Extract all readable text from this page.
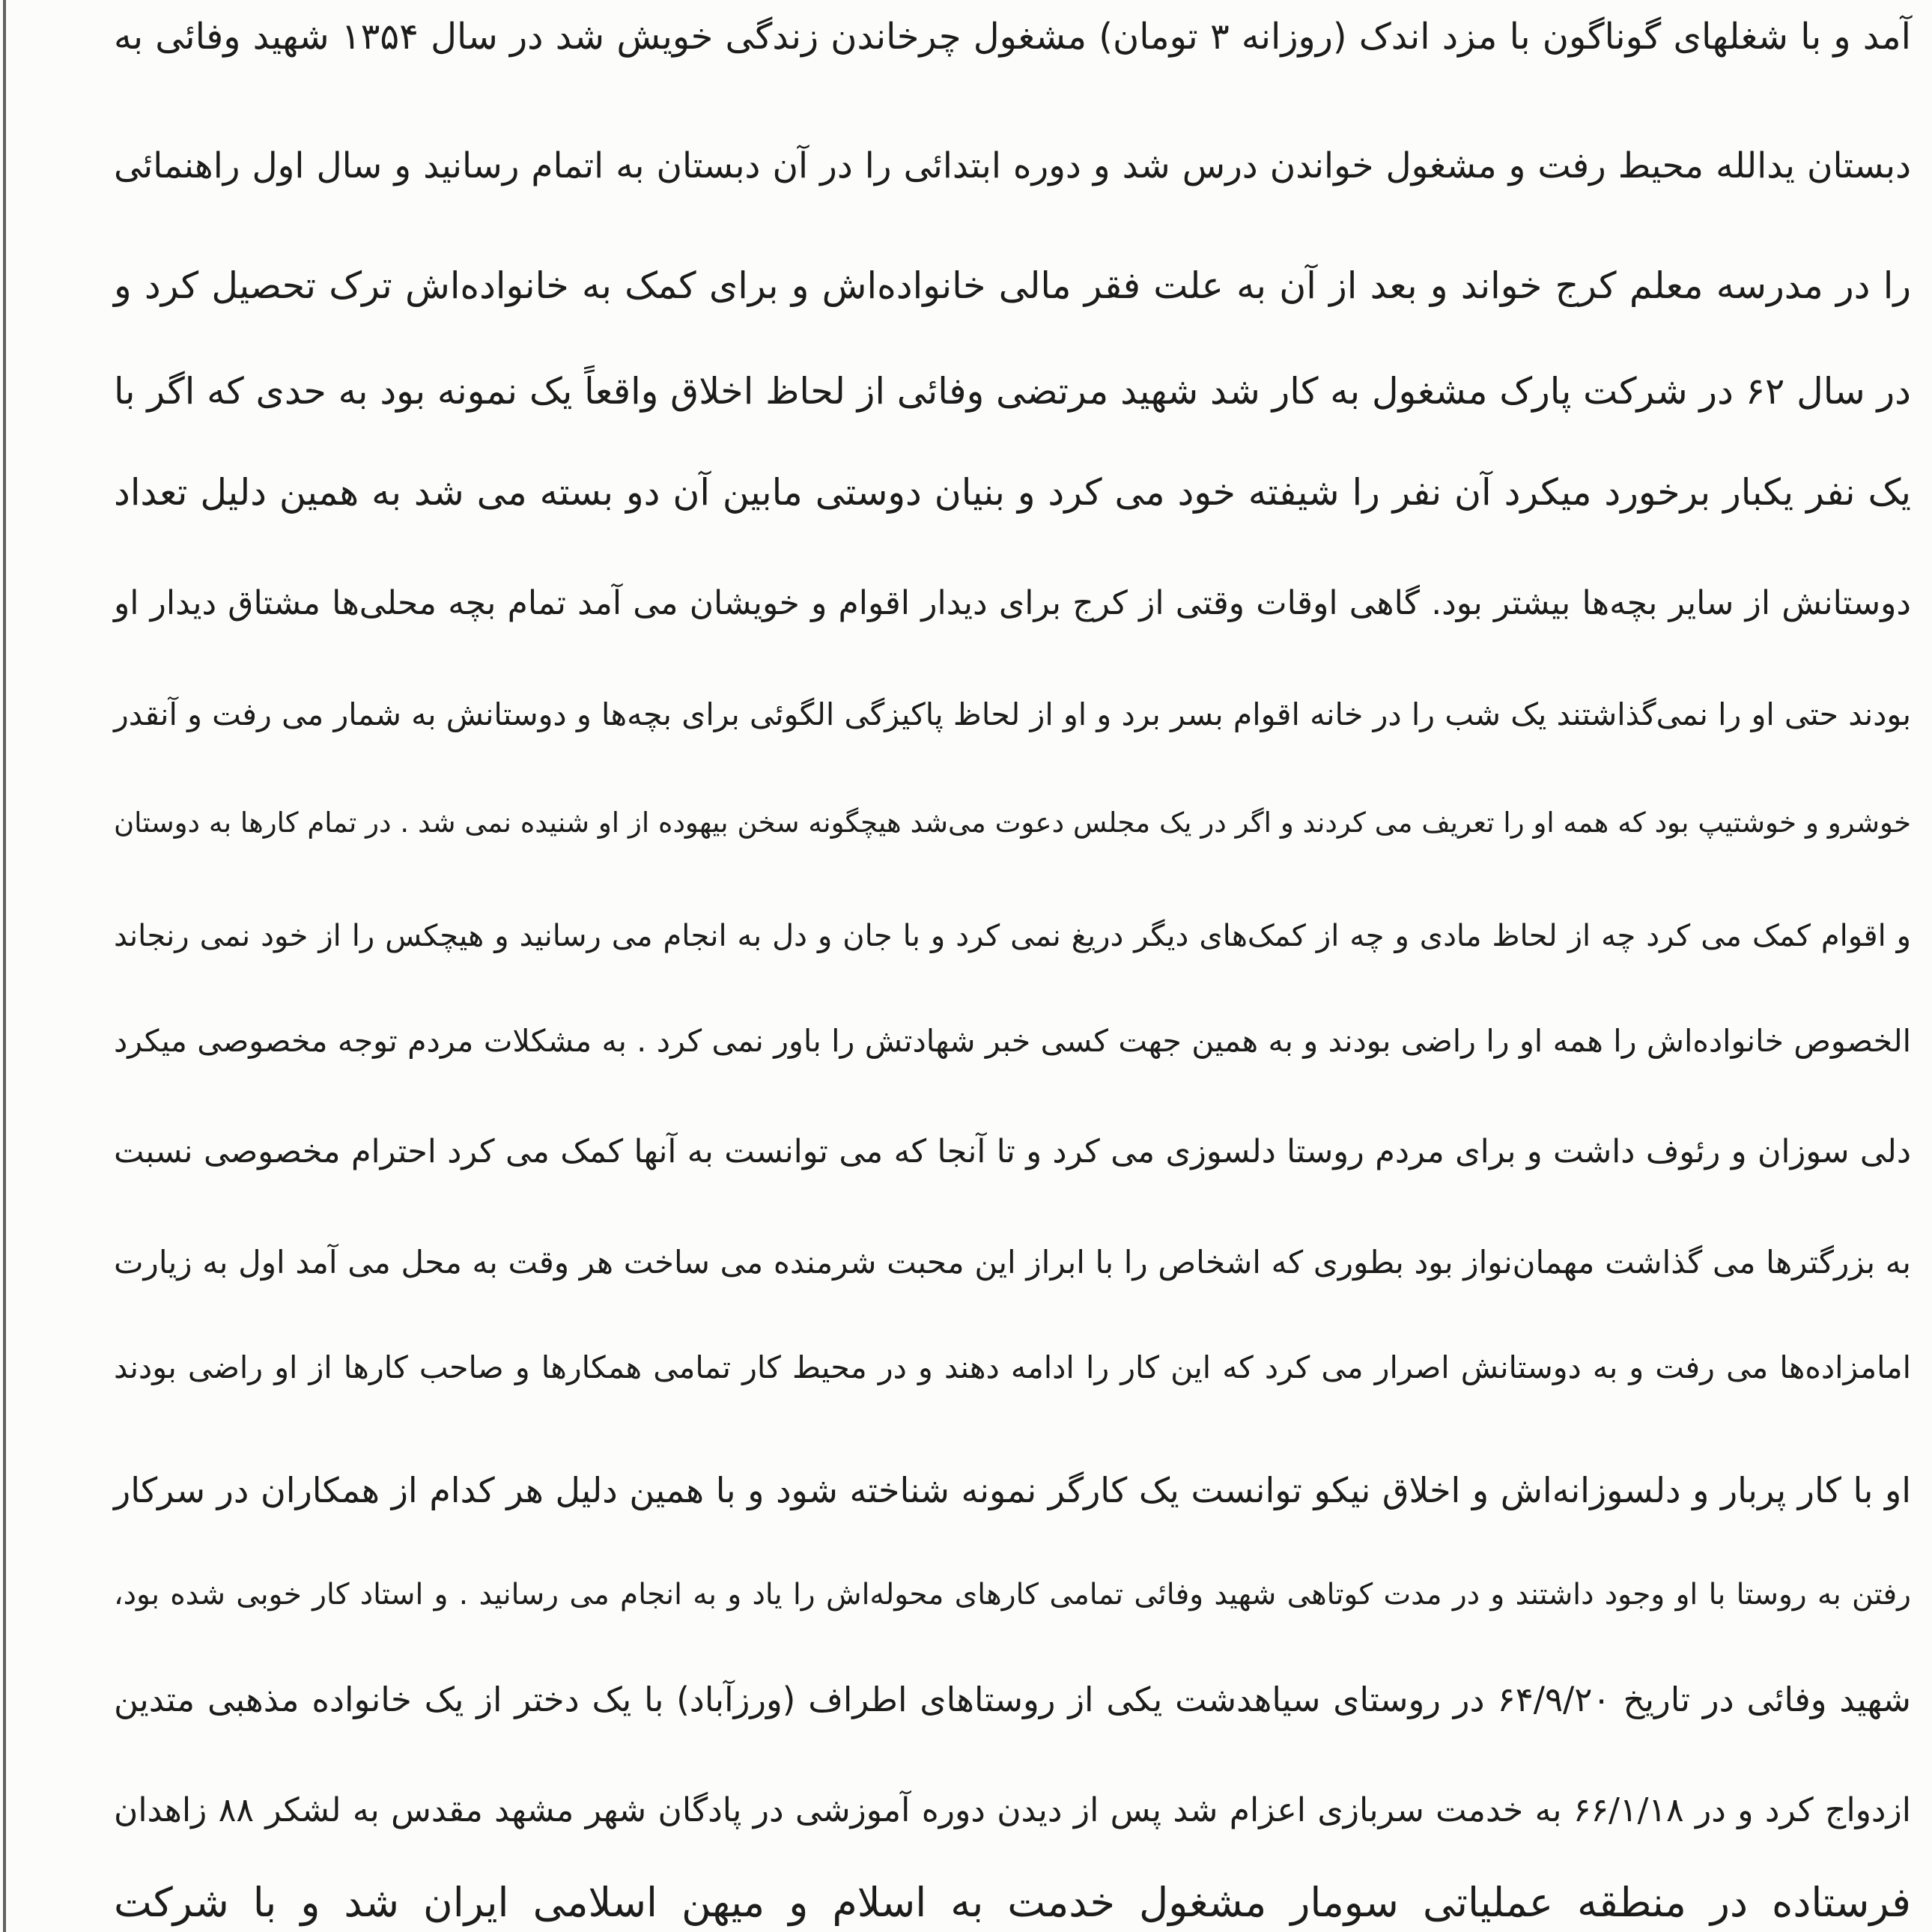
آمد و با شغلهای گوناگون با مزد اندک (روزانه ۳ تومان) مشغول چرخاندن زندگی خویش شد در سال ۱۳۵۴ شهید وفائی به
دبستان یدالله محیط رفت و مشغول خواندن درس شد و دوره ابتدائی را در آن دبستان به اتمام رسانید و سال اول راهنمائی
را در مدرسه معلم کرج خواند و بعد از آن به علت فقر مالی خانواده‌اش و برای کمک به خانواده‌اش ترک تحصیل کرد و
در سال ۶۲ در شرکت پارک مشغول به کار شد شهید مرتضی وفائی از لحاظ اخلاق واقعاً یک نمونه بود به حدی که اگر با
یک نفر یکبار برخورد میکرد آن نفر را شیفته خود می کرد و بنیان دوستی مابین آن دو بسته می شد به همین دلیل تعداد
دوستانش از سایر بچه‌ها بیشتر بود. گاهی اوقات وقتی از کرج برای دیدار اقوام و خویشان می آمد تمام بچه محلی‌ها مشتاق دیدار او
بودند حتی او را نمی‌گذاشتند یک شب را در خانه اقوام بسر برد و او از لحاظ پاکیزگی الگوئی برای بچه‌ها و دوستانش به شمار می رفت و آنقدر
خوشرو و خوشتیپ بود که همه او را تعریف می کردند و اگر در یک مجلس دعوت می‌شد هیچگونه سخن بیهوده از او شنیده نمی شد . در تمام کارها به دوستان
و اقوام کمک می کرد چه از لحاظ مادی و چه از کمک‌های دیگر دریغ نمی کرد و با جان و دل به انجام می رسانید و هیچکس را از خود نمی رنجاند
الخصوص خانواده‌اش را همه او را راضی بودند و به همین جهت کسی خبر شهادتش را باور نمی کرد . به مشکلات مردم توجه مخصوصی میکرد
دلی سوزان و رئوف داشت و برای مردم روستا دلسوزی می کرد و تا آنجا که می توانست به آنها کمک می کرد احترام مخصوصی نسبت
به بزرگترها می گذاشت مهمان‌نواز بود بطوری که اشخاص را با ابراز این محبت شرمنده می ساخت هر وقت به محل می آمد اول به زیارت
امامزاده‌ها می رفت و به دوستانش اصرار می کرد که این کار را ادامه دهند و در محیط کار تمامی همکارها و صاحب کارها از او راضی بودند
او با کار پربار و دلسوزانه‌اش و اخلاق نیکو توانست یک کارگر نمونه شناخته شود و با همین دلیل هر کدام از همکاران در سرکار
رفتن به روستا با او وجود داشتند و در مدت کوتاهی شهید وفائی تمامی کارهای محوله‌اش را یاد و به انجام می رسانید . و استاد کار خوبی شده بود،
شهید وفائی در تاریخ ۶۴/۹/۲۰ در روستای سیاهدشت یکی از روستاهای اطراف (ورزآباد) با یک دختر از یک خانواده مذهبی متدین
ازدواج کرد و در ۶۶/۱/۱۸ به خدمت سربازی اعزام شد پس از دیدن دوره آموزشی در پادگان شهر مشهد مقدس به لشکر ۸۸ زاهدان
فرستاده در منطقه عملیاتی سومار مشغول خدمت به اسلام و میهن اسلامی ایران شد و با شرکت
